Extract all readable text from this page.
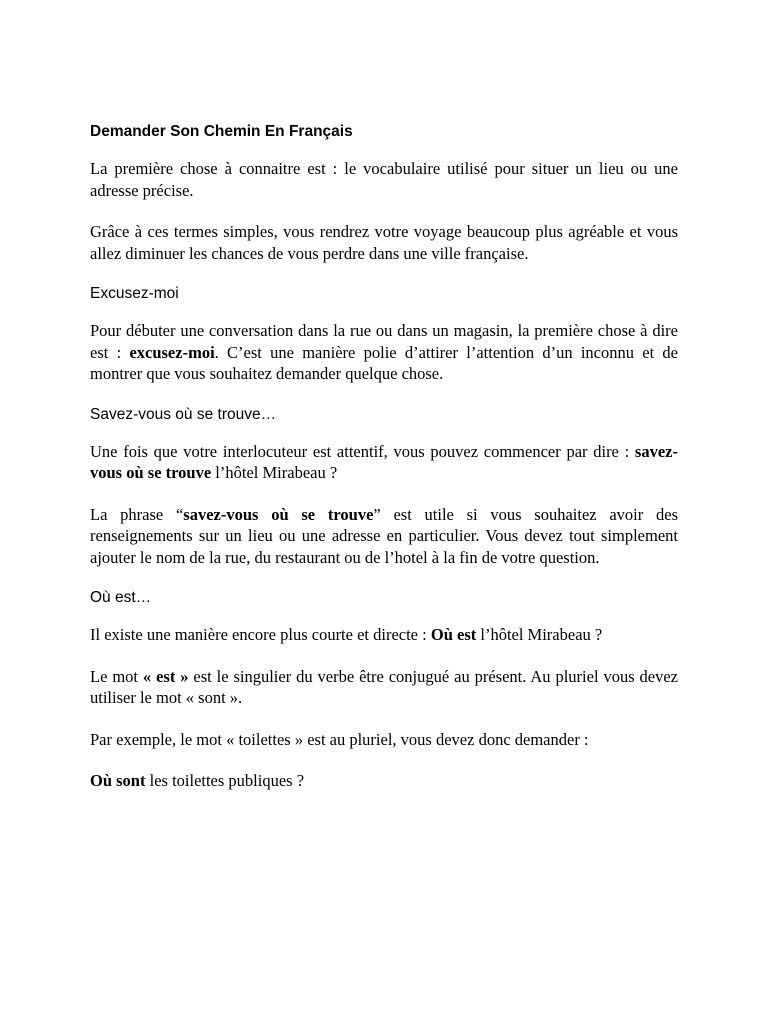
Demander Son Chemin En Français

La première chose à connaitre est : le vocabulaire utilisé pour situer un lieu ou une adresse précise.

Grâce à ces termes simples, vous rendrez votre voyage beaucoup plus agréable et vous allez diminuer les chances de vous perdre dans une ville française.

Excusez-moi

Pour débuter une conversation dans la rue ou dans un magasin, la première chose à dire est : excusez-moi. C’est une manière polie d’attirer l’attention d’un inconnu et de montrer que vous souhaitez demander quelque chose.

Savez-vous où se trouve…

Une fois que votre interlocuteur est attentif, vous pouvez commencer par dire : savez-vous où se trouve l’hôtel Mirabeau ?

La phrase “savez-vous où se trouve” est utile si vous souhaitez avoir des renseignements sur un lieu ou une adresse en particulier. Vous devez tout simplement ajouter le nom de la rue, du restaurant ou de l’hotel à la fin de votre question.

Où est…

Il existe une manière encore plus courte et directe : Où est l’hôtel Mirabeau ?

Le mot « est » est le singulier du verbe être conjugué au présent. Au pluriel vous devez utiliser le mot « sont ».

Par exemple, le mot « toilettes » est au pluriel, vous devez donc demander :

Où sont les toilettes publiques ?
